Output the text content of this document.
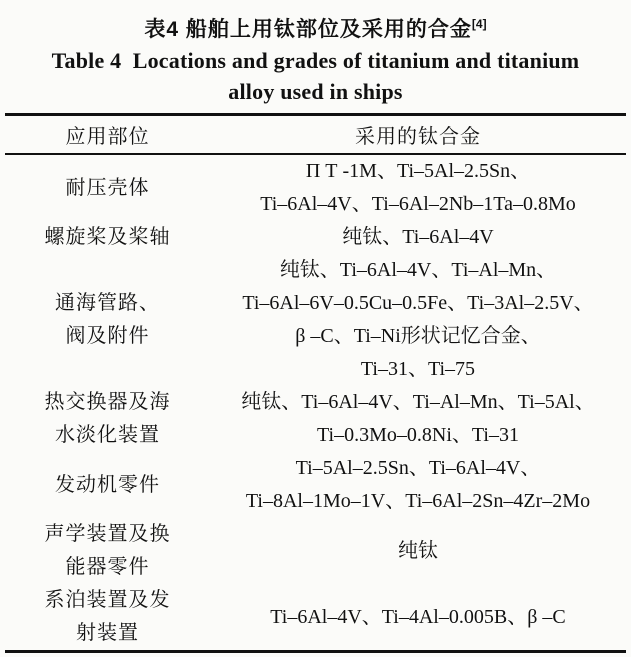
表4 船舶上用钛部位及采用的合金[4]
Table 4  Locations and grades of titanium and titanium
alloy used in ships
应用部位	采用的钛合金
耐压壳体
П Т -1M、Ti–5Al–2.5Sn、
Ti–6Al–4V、Ti–6Al–2Nb–1Ta–0.8Mo
螺旋桨及桨轴	纯钛、Ti–6Al–4V
通海管路、
阀及附件
纯钛、Ti–6Al–4V、Ti–Al–Mn、
Ti–6Al–6V–0.5Cu–0.5Fe、Ti–3Al–2.5V、
β –C、Ti–Ni形状记忆合金、
Ti–31、Ti–75
热交换器及海
水淡化装置
纯钛、Ti–6Al–4V、Ti–Al–Mn、Ti–5Al、
Ti–0.3Mo–0.8Ni、Ti–31
发动机零件
Ti–5Al–2.5Sn、Ti–6Al–4V、
Ti–8Al–1Mo–1V、Ti–6Al–2Sn–4Zr–2Mo
声学装置及换
能器零件
纯钛
系泊装置及发
射装置
Ti–6Al–4V、Ti–4Al–0.005B、β –C
